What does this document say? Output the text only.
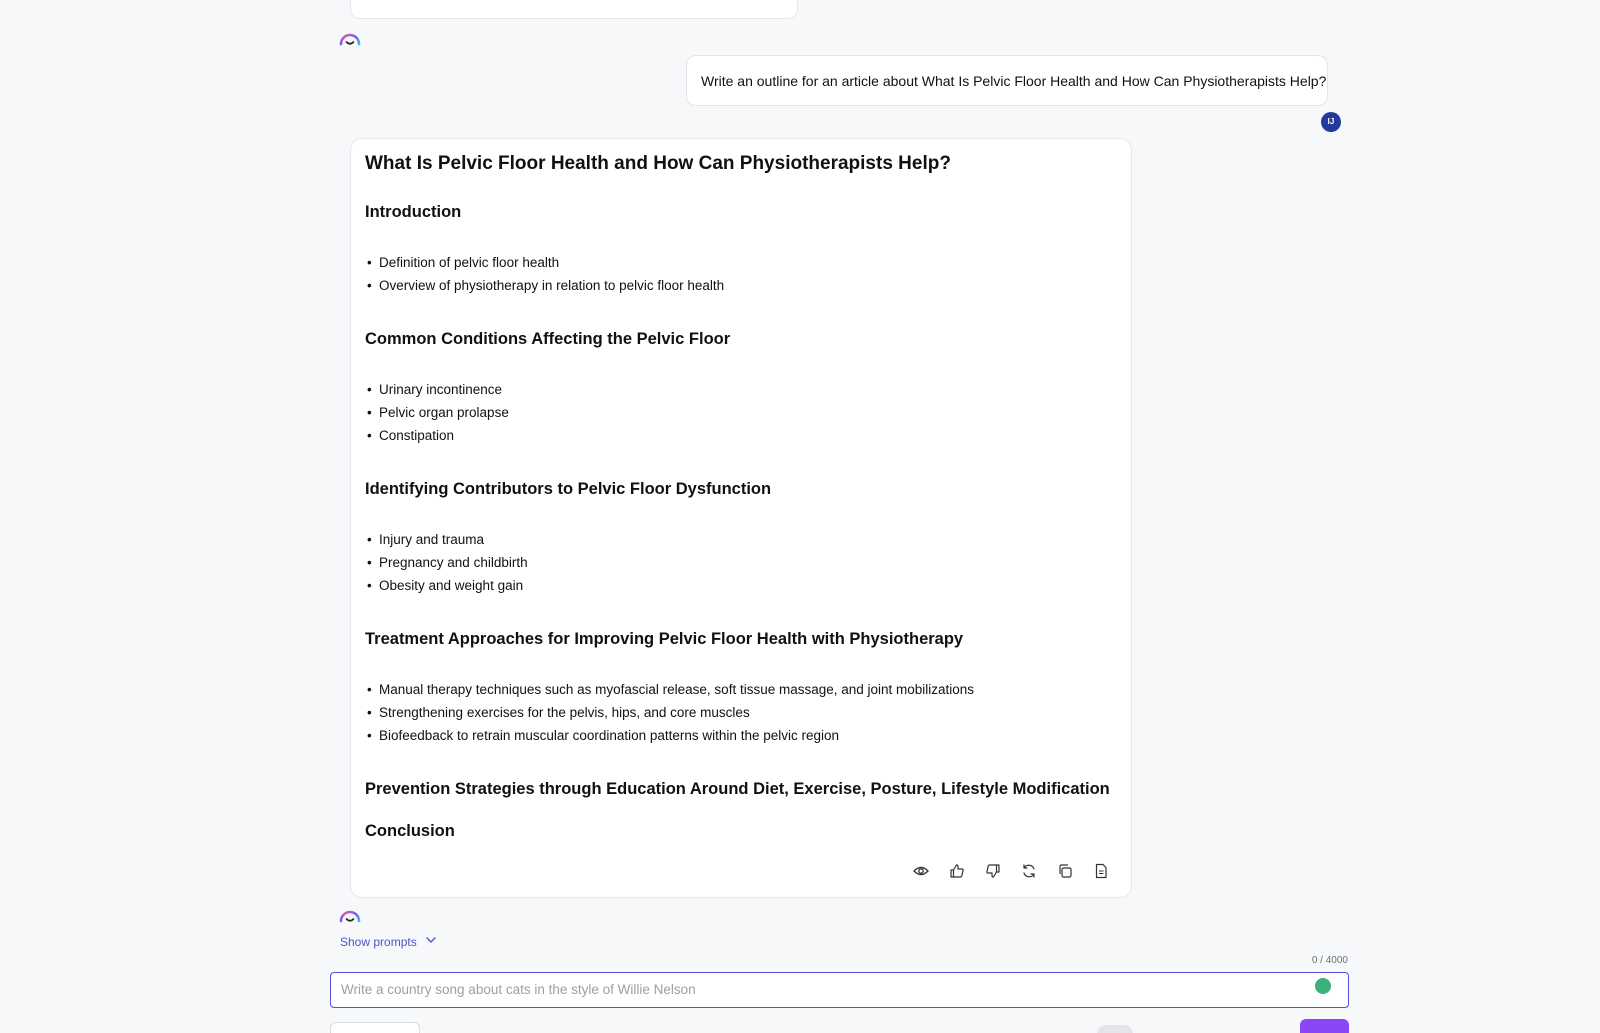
Write an outline for an article about What Is Pelvic Floor Health and How Can Physiotherapists Help?
IJ
What Is Pelvic Floor Health and How Can Physiotherapists Help?
Introduction
• Definition of pelvic floor health
• Overview of physiotherapy in relation to pelvic floor health
Common Conditions Affecting the Pelvic Floor
• Urinary incontinence
• Pelvic organ prolapse
• Constipation
Identifying Contributors to Pelvic Floor Dysfunction
• Injury and trauma
• Pregnancy and childbirth
• Obesity and weight gain
Treatment Approaches for Improving Pelvic Floor Health with Physiotherapy
• Manual therapy techniques such as myofascial release, soft tissue massage, and joint mobilizations
• Strengthening exercises for the pelvis, hips, and core muscles
• Biofeedback to retrain muscular coordination patterns within the pelvic region
Prevention Strategies through Education Around Diet, Exercise, Posture, Lifestyle Modification
Conclusion
Show prompts
0 / 4000
Write a country song about cats in the style of Willie Nelson
